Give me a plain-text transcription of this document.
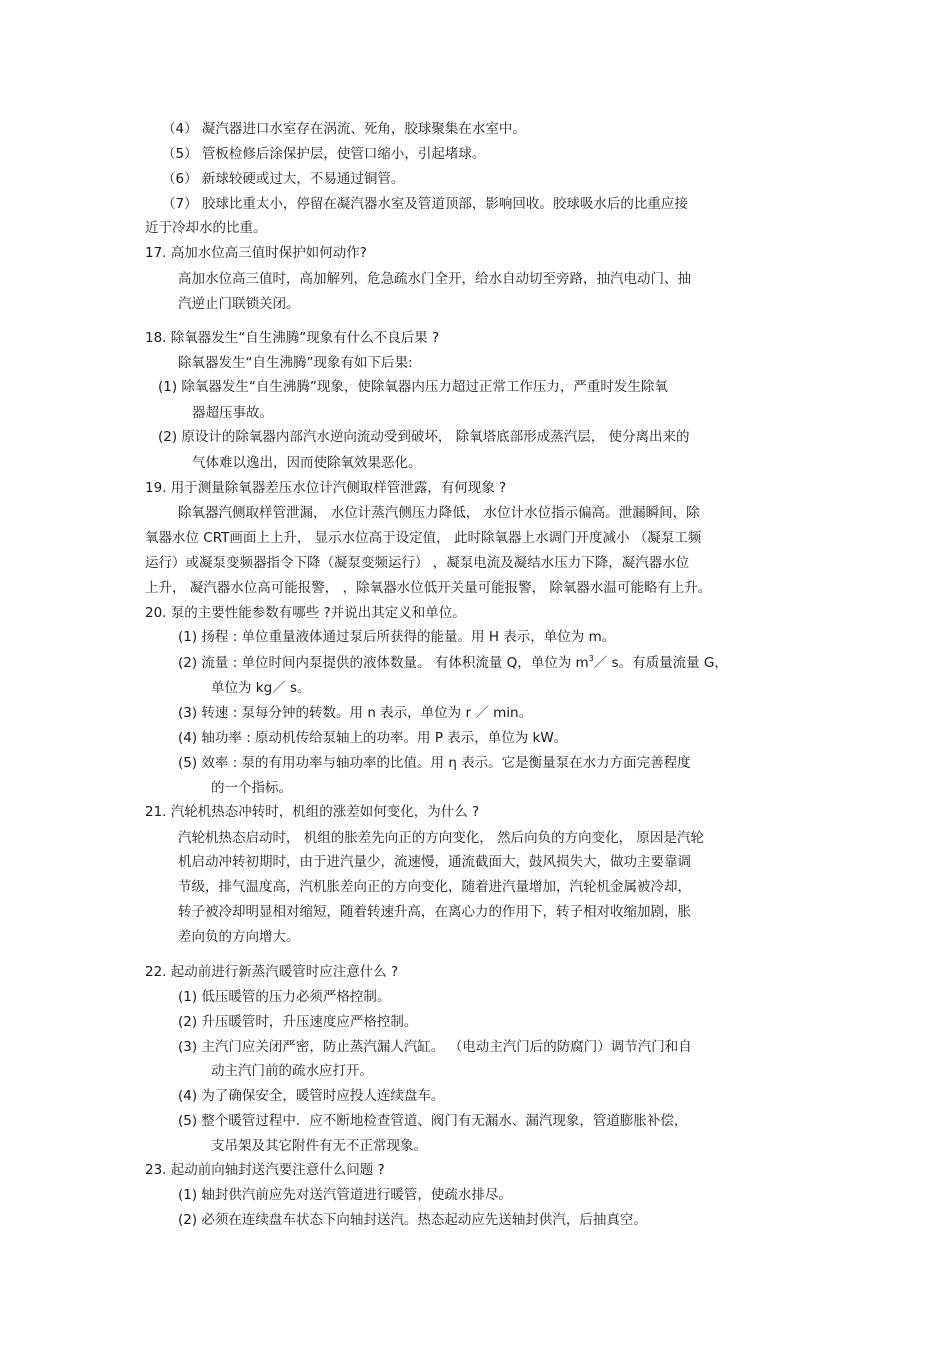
（4） 凝汽器进口水室存在涡流、死角，胶球聚集在水室中。
（5） 管板检修后涂保护层，使管口缩小，引起堵球。
（6） 新球较硬或过大，不易通过铜管。
（7） 胶球比重太小，停留在凝汽器水室及管道顶部，影响回收。胶球吸水后的比重应接
近于冷却水的比重。
17. 高加水位高三值时保护如何动作?
高加水位高三值时，高加解列，危急疏水门全开，给水自动切至旁路，抽汽电动门、抽
汽逆止门联锁关闭。
18. 除氧器发生“自生沸腾”现象有什么不良后果 ?
除氧器发生“自生沸腾”现象有如下后果:
(1) 除氧器发生“自生沸腾”现象，使除氧器内压力超过正常工作压力，严重时发生除氧
器超压事故。
(2) 原设计的除氧器内部汽水逆向流动受到破坏， 除氧塔底部形成蒸汽层， 使分离出来的
气体难以逸出，因而使除氧效果恶化。
19. 用于测量除氧器差压水位计汽侧取样管泄露，有何现象 ?
除氧器汽侧取样管泄漏， 水位计蒸汽侧压力降低， 水位计水位指示偏高。泄漏瞬间，除
氧器水位 CRT画面上上升， 显示水位高于设定值， 此时除氧器上水调门开度减小 （凝泵工频
运行）或凝泵变频器指令下降（凝泵变频运行） ，凝泵电流及凝结水压力下降，凝汽器水位
上升， 凝汽器水位高可能报警， ，除氧器水位低开关量可能报警， 除氧器水温可能略有上升。
20. 泵的主要性能参数有哪些 ?并说出其定义和单位。
(1) 扬程 : 单位重量液体通过泵后所获得的能量。用 H 表示，单位为 m。
(2) 流量 : 单位时间内泵提供的液体数量。 有体积流量 Q，单位为 $m^3/$ s。有质量流量 G，
单位为 kg／ s。
(3) 转速 : 泵每分钟的转数。用 n 表示，单位为 r ／ min。
(4) 轴功率 : 原动机传给泵轴上的功率。用 P 表示，单位为 kW。
(5) 效率 : 泵的有用功率与轴功率的比值。用 η 表示。它是衡量泵在水力方面完善程度
的一个指标。
21. 汽轮机热态冲转时，机组的涨差如何变化，为什么 ?
汽轮机热态启动时， 机组的胀差先向正的方向变化， 然后向负的方向变化， 原因是汽轮
机启动冲转初期时，由于进汽量少，流速慢，通流截面大，鼓风损失大，做功主要靠调
节级，排气温度高，汽机胀差向正的方向变化，随着进汽量增加，汽轮机金属被冷却，
转子被冷却明显相对缩短，随着转速升高，在离心力的作用下，转子相对收缩加剧，胀
差向负的方向增大。
22. 起动前进行新蒸汽暖管时应注意什么 ?
(1) 低压暖管的压力必须严格控制。
(2) 升压暖管时，升压速度应严格控制。
(3) 主汽门应关闭严密，防止蒸汽漏人汽缸。 （电动主汽门后的防腐门）调节汽门和自
动主汽门前的疏水应打开。
(4) 为了确保安全，暖管时应投人连续盘车。
(5) 整个暖管过程中．应不断地检查管道、阀门有无漏水、漏汽现象，管道膨胀补偿，
支吊架及其它附件有无不正常现象。
23. 起动前向轴封送汽要注意什么问题 ?
(1) 轴封供汽前应先对送汽管道进行暖管，使疏水排尽。
(2) 必须在连续盘车状态下向轴封送汽。热态起动应先送轴封供汽，后抽真空。
